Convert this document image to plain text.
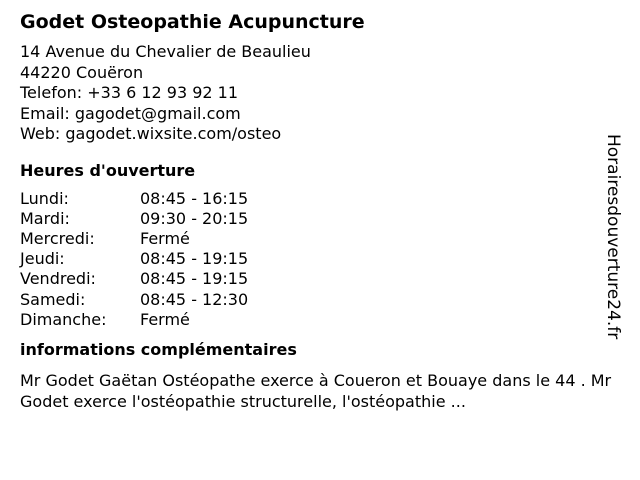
Godet Osteopathie Acupuncture
14 Avenue du Chevalier de Beaulieu
44220 Couëron
Telefon: +33 6 12 93 92 11
Email: gagodet@gmail.com
Web: gagodet.wixsite.com/osteo
Heures d'ouverture
Lundi:	08:45 - 16:15
Mardi:	09:30 - 20:15
Mercredi:	Fermé
Jeudi:	08:45 - 19:15
Vendredi:	08:45 - 19:15
Samedi:	08:45 - 12:30
Dimanche:	Fermé
informations complémentaires
Mr Godet Gaëtan Ostéopathe exerce à Coueron et Bouaye dans le 44 . Mr Godet exerce l'ostéopathie structurelle, l'ostéopathie ...
Horairesdouverture24.fr
